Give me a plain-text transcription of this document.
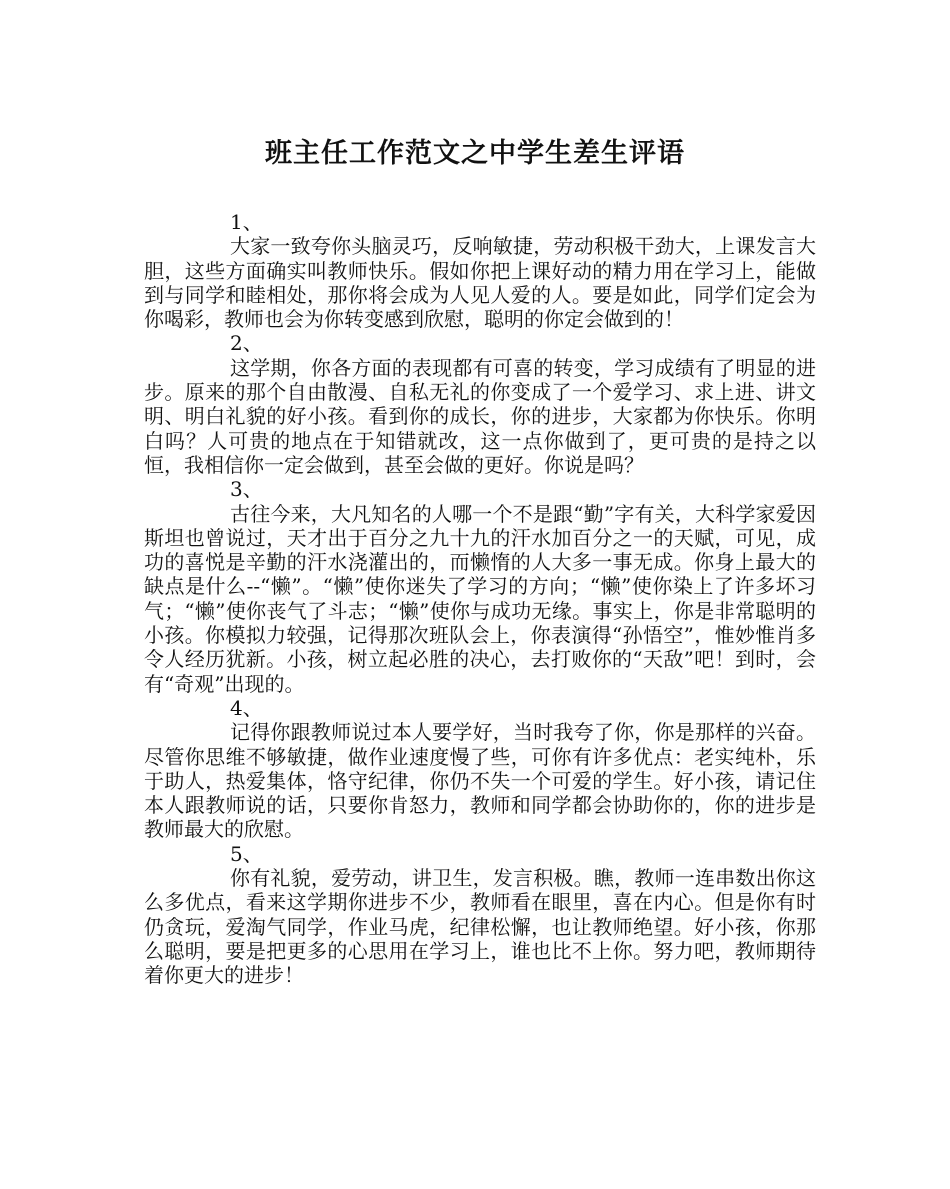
班主任工作范文之中学生差生评语

1、

大家一致夸你头脑灵巧，反响敏捷，劳动积极干劲大，上课发言大胆，这些方面确实叫教师快乐。假如你把上课好动的精力用在学习上，能做到与同学和睦相处，那你将会成为人见人爱的人。要是如此，同学们定会为你喝彩，教师也会为你转变感到欣慰，聪明的你定会做到的！

2、

这学期，你各方面的表现都有可喜的转变，学习成绩有了明显的进步。原来的那个自由散漫、自私无礼的你变成了一个爱学习、求上进、讲文明、明白礼貌的好小孩。看到你的成长，你的进步，大家都为你快乐。你明白吗？人可贵的地点在于知错就改，这一点你做到了，更可贵的是持之以恒，我相信你一定会做到，甚至会做的更好。你说是吗？

3、

古往今来，大凡知名的人哪一个不是跟“勤”字有关，大科学家爱因斯坦也曾说过，天才出于百分之九十九的汗水加百分之一的天赋，可见，成功的喜悦是辛勤的汗水浇灌出的，而懒惰的人大多一事无成。你身上最大的缺点是什么--“懒”。“懒”使你迷失了学习的方向；“懒”使你染上了许多坏习气；“懒”使你丧气了斗志；“懒”使你与成功无缘。事实上，你是非常聪明的小孩。你模拟力较强，记得那次班队会上，你表演得“孙悟空”，惟妙惟肖多令人经历犹新。小孩，树立起必胜的决心，去打败你的“天敌”吧！到时，会有“奇观”出现的。

4、

记得你跟教师说过本人要学好，当时我夸了你，你是那样的兴奋。尽管你思维不够敏捷，做作业速度慢了些，可你有许多优点：老实纯朴，乐于助人，热爱集体，恪守纪律，你仍不失一个可爱的学生。好小孩，请记住本人跟教师说的话，只要你肯怒力，教师和同学都会协助你的，你的进步是教师最大的欣慰。

5、

你有礼貌，爱劳动，讲卫生，发言积极。瞧，教师一连串数出你这么多优点，看来这学期你进步不少，教师看在眼里，喜在内心。但是你有时仍贪玩，爱淘气同学，作业马虎，纪律松懈，也让教师绝望。好小孩，你那么聪明，要是把更多的心思用在学习上，谁也比不上你。努力吧，教师期待着你更大的进步！
